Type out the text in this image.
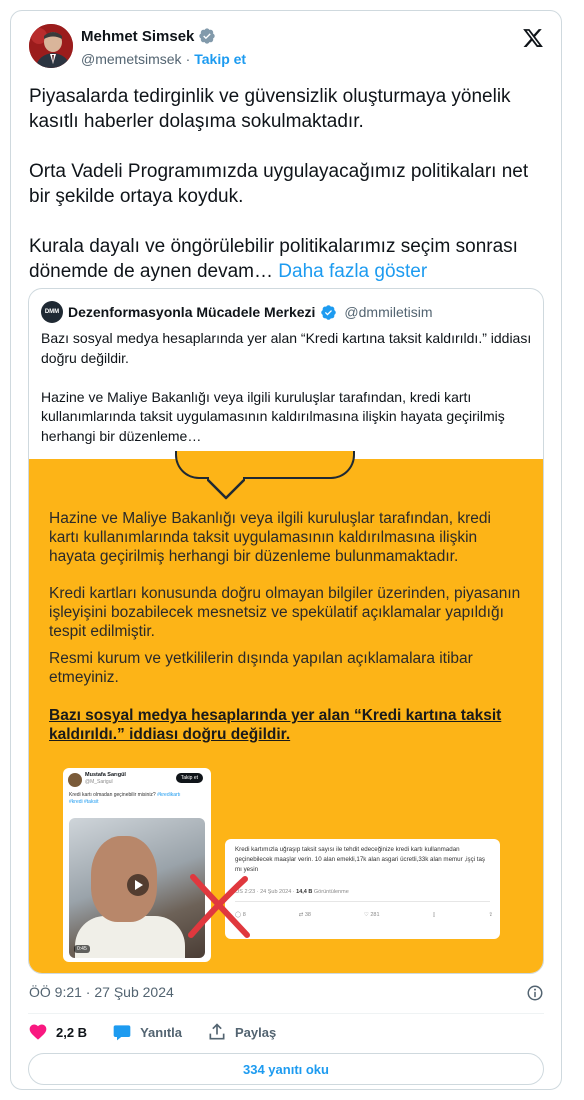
Mehmet Simsek
@memetsimsek · Takip et
Piyasalarda tedirginlik ve güvensizlik oluşturmaya yönelik kasıtlı haberler dolaşıma sokulmaktadır.

Orta Vadeli Programımızda uygulayacağımız politikaları net bir şekilde ortaya koyduk.

Kurala dayalı ve öngörülebilir politikalarımız seçim sonrası dönemde de aynen devam… Daha fazla göster
DMM Dezenformasyonla Mücadele Merkezi @dmmiletisim
Bazı sosyal medya hesaplarında yer alan “Kredi kartına taksit kaldırıldı.” iddiası doğru değildir.

Hazine ve Maliye Bakanlığı veya ilgili kuruluşlar tarafından, kredi kartı kullanımlarında taksit uygulamasının kaldırılmasına ilişkin hayata geçirilmiş herhangi bir düzenleme…
Hazine ve Maliye Bakanlığı veya ilgili kuruluşlar tarafından, kredi kartı kullanımlarında taksit uygulamasının kaldırılmasına ilişkin hayata geçirilmiş herhangi bir düzenleme bulunmamaktadır.
Kredi kartları konusunda doğru olmayan bilgiler üzerinden, piyasanın işleyişini bozabilecek mesnetsiz ve spekülatif açıklamalar yapıldığı tespit edilmiştir.
Resmi kurum ve yetkililerin dışında yapılan açıklamalara itibar etmeyiniz.
Bazı sosyal medya hesaplarında yer alan “Kredi kartına taksit kaldırıldı.” iddiası doğru değildir.
Mustafa Sarıgül
@M_Sarigul
Takip et
Kredi kartı olmadan geçinebilir misiniz? #kredikartı
#kredi #taksit
0:45
Kredi kartımızla uğraşıp taksit sayısı ile tehdit edeceğinize kredi kartı kullanmadan geçinebilecek maaşlar verin. 10 alan emekli,17k alan asgari ücretli,33k alan memur ,işçi taş mı yesin
ÖS 2:23 · 24 Şub 2024 · 14,4 B Görüntülenme
◯ 8	⇄ 38	♡ 281	▯	⇪
ÖÖ 9:21 · 27 Şub 2024
2,2 B	Yanıtla	Paylaş
334 yanıtı oku
